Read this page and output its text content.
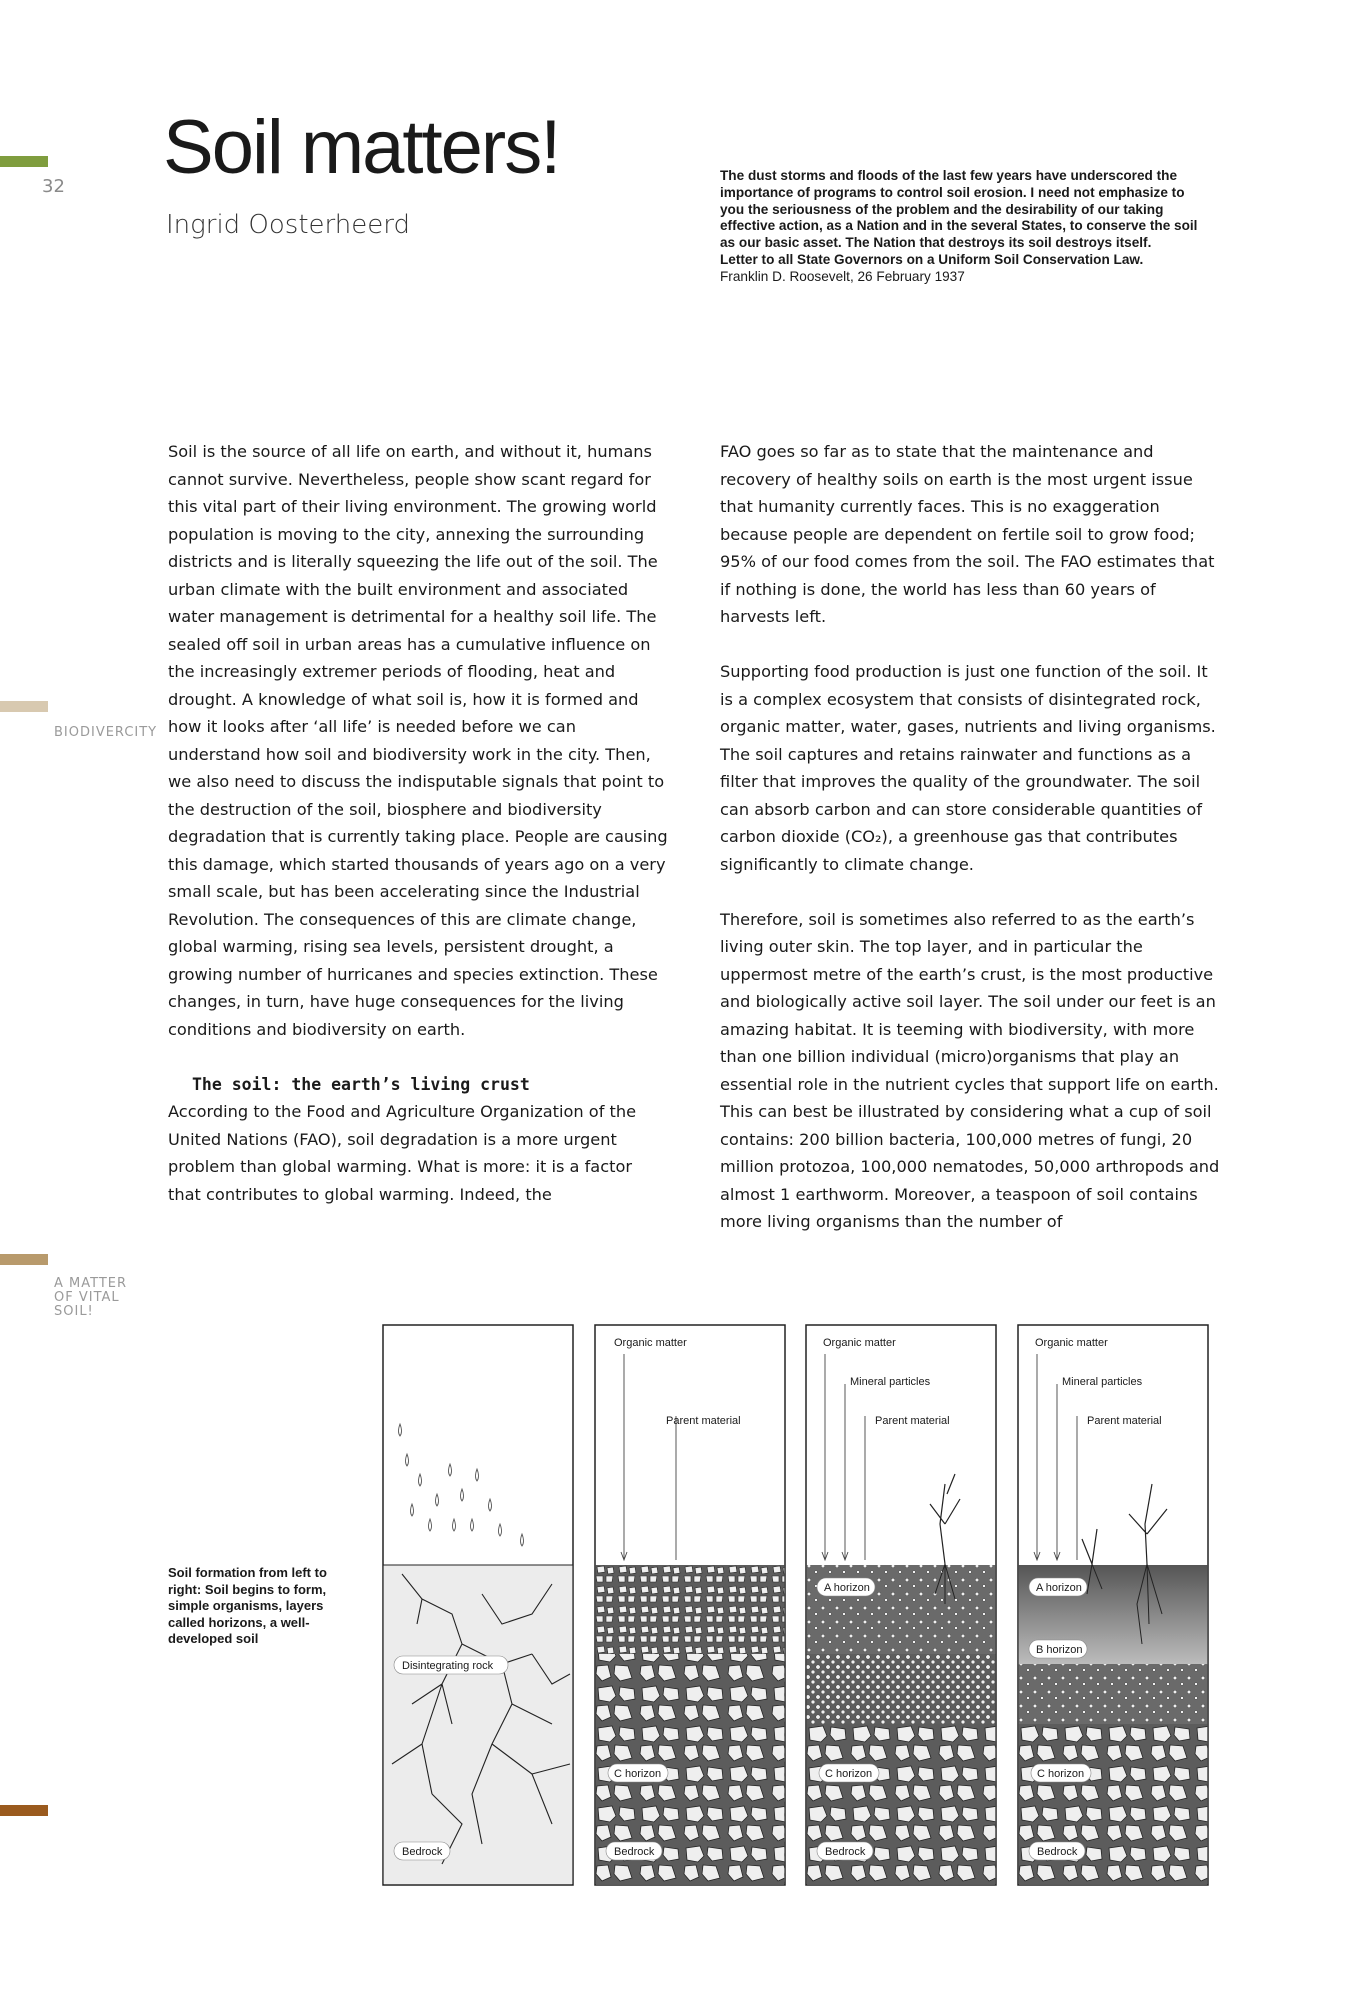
32 Soil matters!
Ingrid Oosterheerd
The dust storms and floods of the last few years have underscored the importance of programs to control soil erosion. I need not emphasize to you the seriousness of the problem and the desirability of our taking effective action, as a Nation and in the several States, to conserve the soil as our basic asset. The Nation that destroys its soil destroys itself.
Letter to all State Governors on a Uniform Soil Conservation Law.
Franklin D. Roosevelt, 26 February 1937
BIODIVERCITY
A MATTER
OF VITAL
SOIL!

Soil is the source of all life on earth, and without it, humans cannot survive. Nevertheless, people show scant regard for this vital part of their living environment. The growing world population is moving to the city, annexing the surrounding districts and is literally squeezing the life out of the soil. The urban climate with the built environment and associated water management is detrimental for a healthy soil life. The sealed off soil in urban areas has a cumulative influence on the increasingly extremer periods of flooding, heat and drought. A knowledge of what soil is, how it is formed and how it looks after ‘all life’ is needed before we can understand how soil and biodiversity work in the city. Then, we also need to discuss the indisputable signals that point to the destruction of the soil, biosphere and biodiversity degradation that is currently taking place. People are causing this damage, which started thousands of years ago on a very small scale, but has been accelerating since the Industrial Revolution. The consequences of this are climate change, global warming, rising sea levels, persistent drought, a growing number of hurricanes and species extinction. These changes, in turn, have huge consequences for the living conditions and biodiversity on earth.

The soil: the earth’s living crust

According to the Food and Agriculture Organization of the United Nations (FAO), soil degradation is a more urgent problem than global warming. What is more: it is a factor that contributes to global warming. Indeed, the

FAO goes so far as to state that the maintenance and recovery of healthy soils on earth is the most urgent issue that humanity currently faces. This is no exaggeration because people are dependent on fertile soil to grow food; 95% of our food comes from the soil. The FAO estimates that if nothing is done, the world has less than 60 years of harvests left.

Supporting food production is just one function of the soil. It is a complex ecosystem that consists of disintegrated rock, organic matter, water, gases, nutrients and living organisms. The soil captures and retains rainwater and functions as a filter that improves the quality of the groundwater. The soil can absorb carbon and can store considerable quantities of carbon dioxide (CO₂), a greenhouse gas that contributes significantly to climate change.

Therefore, soil is sometimes also referred to as the earth’s living outer skin. The top layer, and in particular the uppermost metre of the earth’s crust, is the most productive and biologically active soil layer. The soil under our feet is an amazing habitat. It is teeming with biodiversity, with more than one billion individual (micro)organisms that play an essential role in the nutrient cycles that support life on earth. This can best be illustrated by considering what a cup of soil contains: 200 billion bacteria, 100,000 metres of fungi, 20 million protozoa, 100,000 nematodes, 50,000 arthropods and almost 1 earthworm. Moreover, a teaspoon of soil contains more living organisms than the number of

Soil formation from left to right: Soil begins to form, simple organisms, layers called horizons, a well-developed soil
Disintegrating rock
Bedrock
Organic matter
Parent material
C horizon
Bedrock
Organic matter
Mineral particles
Parent material
A horizon
C horizon
Bedrock
Organic matter
Mineral particles
Parent material
A horizon
B horizon
C horizon
Bedrock
